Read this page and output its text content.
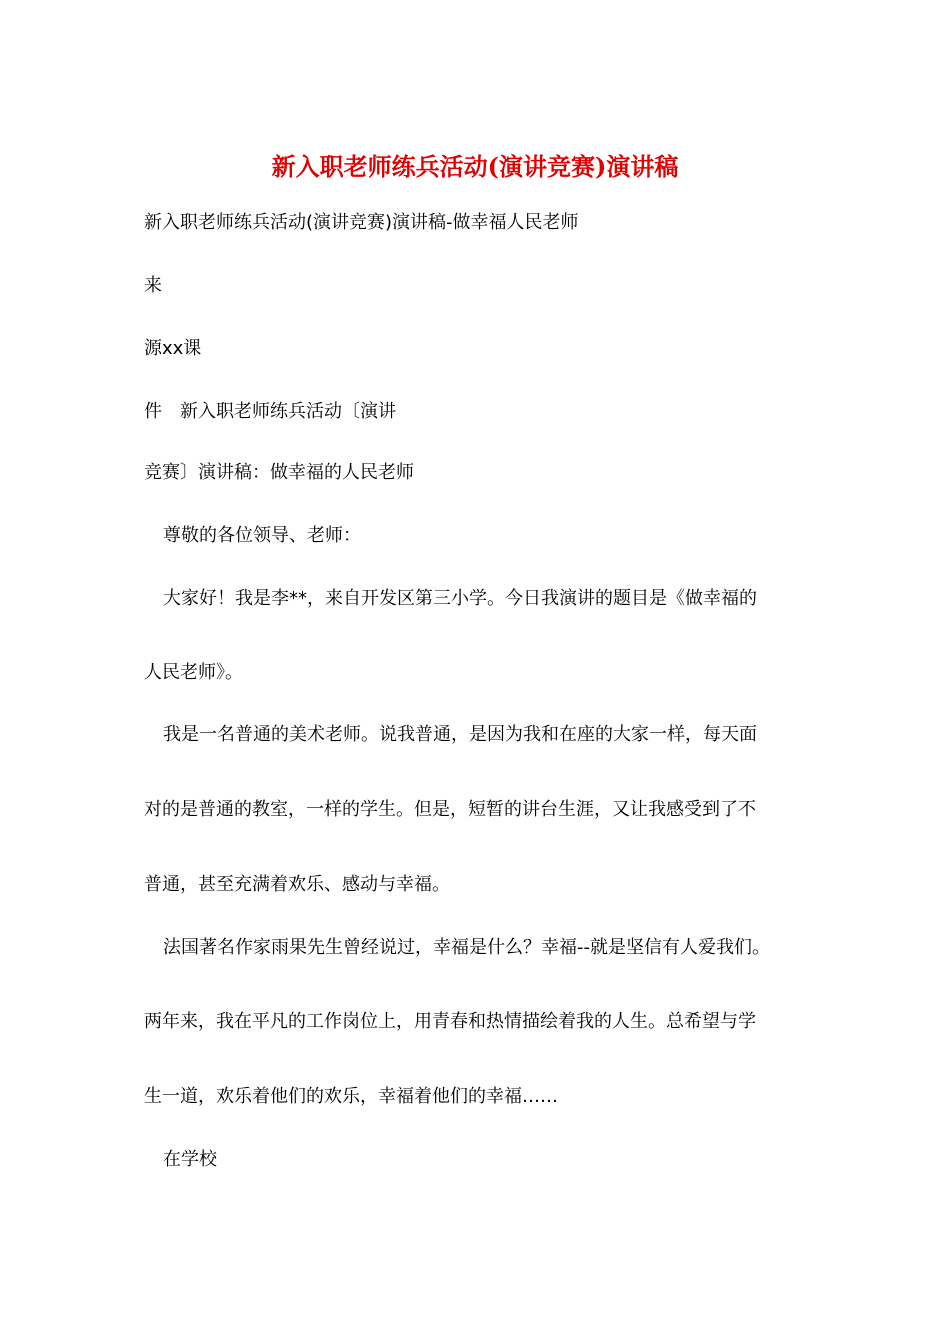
新入职老师练兵活动(演讲竞赛)演讲稿
新入职老师练兵活动(演讲竞赛)演讲稿-做幸福人民老师
来
源xx课
件　新入职老师练兵活动〔演讲
竞赛〕演讲稿：做幸福的人民老师
尊敬的各位领导、老师：
大家好！我是李**，来自开发区第三小学。今日我演讲的题目是《做幸福的
人民老师》。
我是一名普通的美术老师。说我普通，是因为我和在座的大家一样，每天面
对的是普通的教室，一样的学生。但是，短暂的讲台生涯，又让我感受到了不
普通，甚至充满着欢乐、感动与幸福。
法国著名作家雨果先生曾经说过，幸福是什么？幸福--就是坚信有人爱我们。
两年来，我在平凡的工作岗位上，用青春和热情描绘着我的人生。总希望与学
生一道，欢乐着他们的欢乐，幸福着他们的幸福……
在学校
